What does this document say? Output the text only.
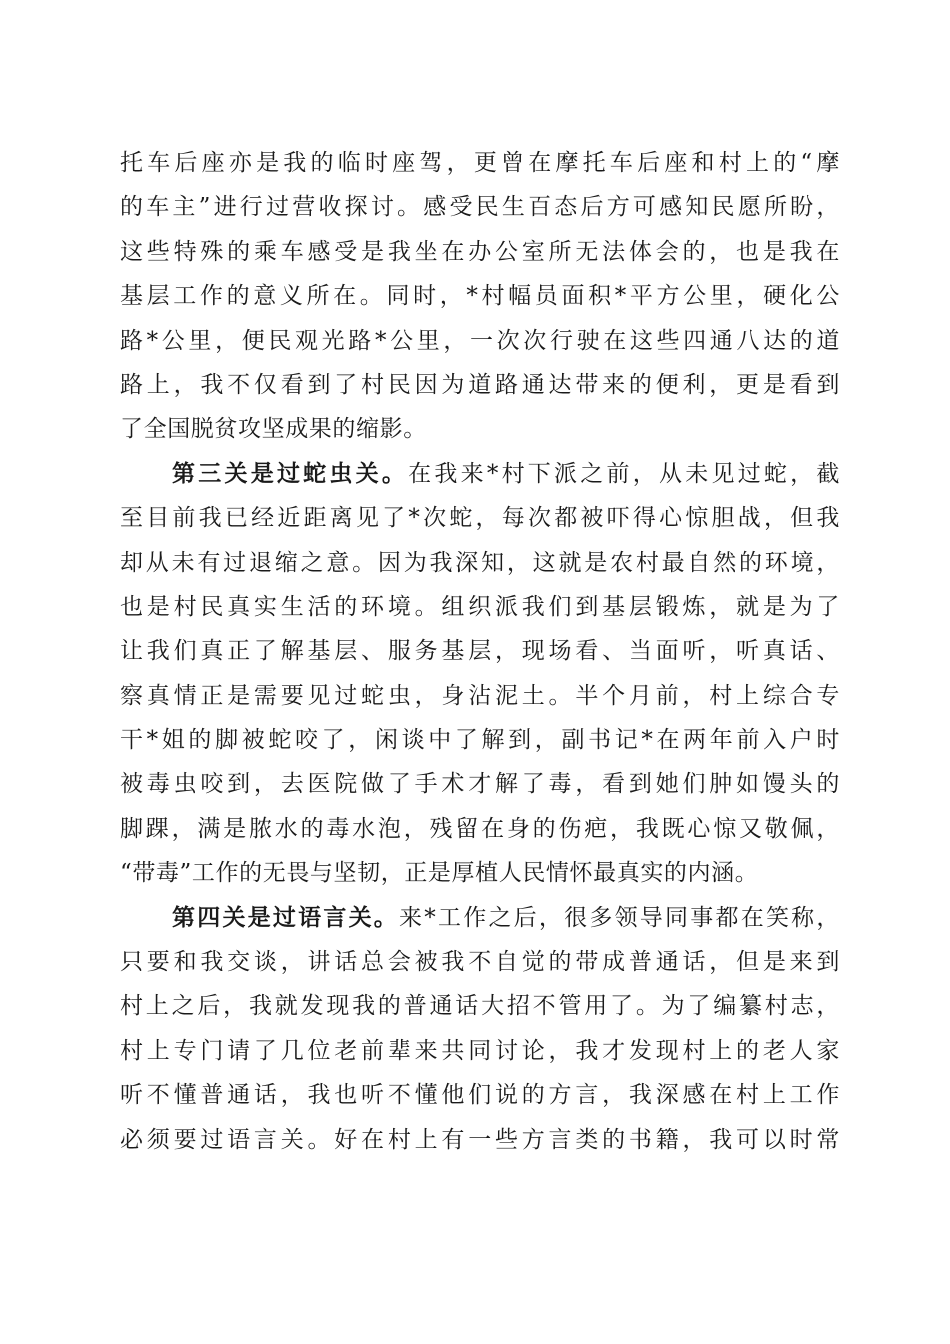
托车后座亦是我的临时座驾，更曾在摩托车后座和村上的“摩
的车主”进行过营收探讨。感受民生百态后方可感知民愿所盼，
这些特殊的乘车感受是我坐在办公室所无法体会的，也是我在
基层工作的意义所在。同时，*村幅员面积*平方公里，硬化公
路*公里，便民观光路*公里，一次次行驶在这些四通八达的道
路上，我不仅看到了村民因为道路通达带来的便利，更是看到
了全国脱贫攻坚成果的缩影。
第三关是过蛇虫关。在我来*村下派之前，从未见过蛇，截
至目前我已经近距离见了*次蛇，每次都被吓得心惊胆战，但我
却从未有过退缩之意。因为我深知，这就是农村最自然的环境，
也是村民真实生活的环境。组织派我们到基层锻炼，就是为了
让我们真正了解基层、服务基层，现场看、当面听，听真话、
察真情正是需要见过蛇虫，身沾泥土。半个月前，村上综合专
干*姐的脚被蛇咬了，闲谈中了解到，副书记*在两年前入户时
被毒虫咬到，去医院做了手术才解了毒，看到她们肿如馒头的
脚踝，满是脓水的毒水泡，残留在身的伤疤，我既心惊又敬佩，
“带毒”工作的无畏与坚韧，正是厚植人民情怀最真实的内涵。
第四关是过语言关。来*工作之后，很多领导同事都在笑称，
只要和我交谈，讲话总会被我不自觉的带成普通话，但是来到
村上之后，我就发现我的普通话大招不管用了。为了编纂村志，
村上专门请了几位老前辈来共同讨论，我才发现村上的老人家
听不懂普通话，我也听不懂他们说的方言，我深感在村上工作
必须要过语言关。好在村上有一些方言类的书籍，我可以时常
